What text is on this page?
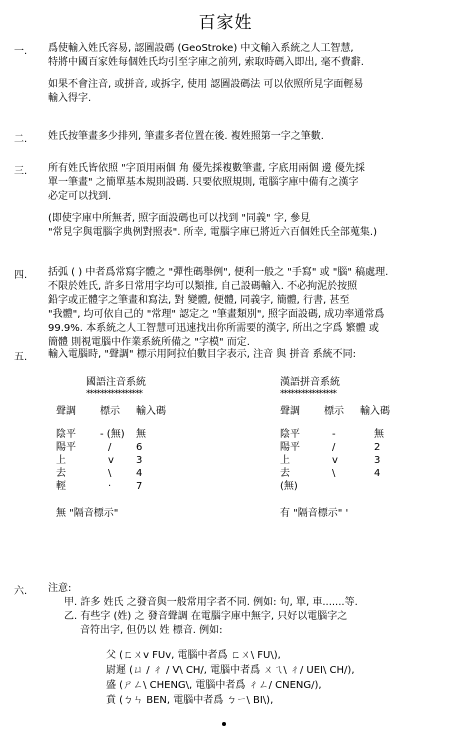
百家姓
一.	爲使輸入姓氏容易, 認圖設碼 (GeoStroke) 中文輸入系統之人工智慧,

特將中國百家姓每個姓氏均引至字庫之前列, 索取時碼入即出, 毫不費辭.

如果不會注音, 或拼音, 或拆字, 使用 認圖設碼法 可以依照所見字面輕易

輸入得字.

二.	姓氏按筆畫多少排列, 筆畫多者位置在後. 複姓照第一字之筆數.

三.	所有姓氏皆依照 "字頂用兩個 角 優先採複數筆畫, 字底用兩個 邊 優先採

單一筆畫" 之簡單基本規則設碼. 只要依照規則, 電腦字庫中備有之漢字

必定可以找到.

(即使字庫中所無者, 照字面設碼也可以找到 "同義" 字, 參見

"常見字與電腦字典例對照表". 所幸, 電腦字庫已將近六百個姓氏全部蒐集.)

四.	括弧 ( ) 中者爲常寫字體之 "彈性碼舉例", 便利一般之 "手寫" 或 "腦" 稿處理.

不限於姓氏, 許多日常用字均可以類推, 自己設碼輸入. 不必拘泥於按照

鉛字或正體字之筆畫和寫法, 對 變體, 便體, 同義字, 簡體, 行書, 甚至

"我體", 均可依自己的 "常理" 認定之 "筆畫類別", 照字面設碼, 成功率通常爲

99.9%. 本系統之人工智慧可迅速找出你所需要的漢字, 所出之字爲 繁體 或

簡體 則視電腦中作業系統所備之 "字模" 而定.

五.	輸入電腦時, "聲調" 標示用阿拉伯數目字表示, 注音 與 拼音 系統不同:

國語注音系統
****************
聲調	標示	輸入碼
陰平	- (無)	無
陽平	/	6
上	v	3
去	\	4
輕	·	7
無 "隔音標示"
漢語拼音系統
****************
聲調	標示	輸入碼
陰平	-	無
陽平	/	2
上	v	3
去	\	4
(無)
有 "隔音標示" '
六.	注意:

甲. 許多 姓氏 之發音與一般常用字者不同. 例如: 句, 單, 車.......等.
乙. 有些字 (姓) 之 發音聲調 在電腦字庫中無字, 只好以電腦字之
音符出字, 但仍以 姓 標音. 例如:
父 (ㄈㄨv FUv, 電腦中者爲 ㄈㄨ\ FU\),
尉遲 (ㄩ / ㄔ / V\ CH/, 電腦中者爲 ㄨㄟ\ ㄔ/ UEI\ CH/),
盛 (ㄕㄥ\ CHENG\, 電腦中者爲 ㄔㄥ/ CNENG/),
賁 (ㄅㄣ BEN, 電腦中者爲 ㄅㄧ\ BI\),
